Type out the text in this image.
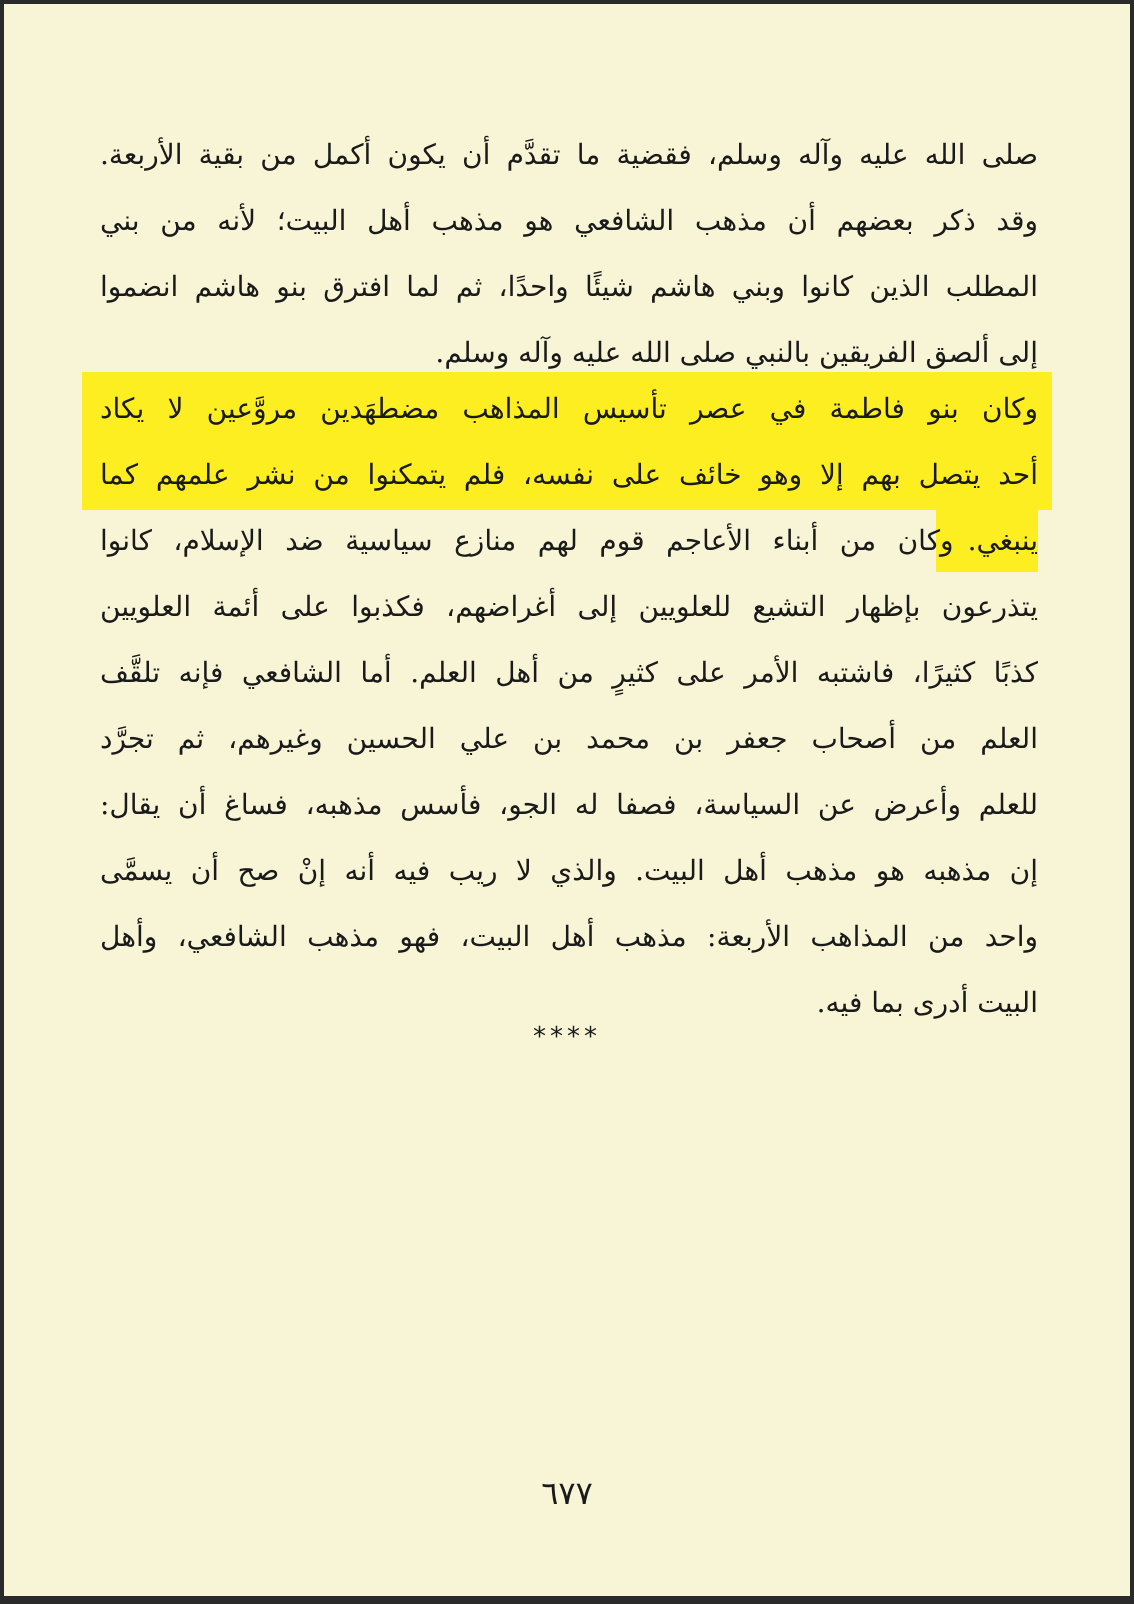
صلى الله عليه وآله وسلم، فقضية ما تقدَّم أن يكون أكمل من بقية الأربعة.
وقد ذكر بعضهم أن مذهب الشافعي هو مذهب أهل البيت؛ لأنه من بني
المطلب الذين كانوا وبني هاشم شيئًا واحدًا، ثم لما افترق بنو هاشم انضموا
إلى ألصق الفريقين بالنبي صلى الله عليه وآله وسلم.
وكان بنو فاطمة في عصر تأسيس المذاهب مضطهَدين مروَّعين لا يكاد
أحد يتصل بهم إلا وهو خائف على نفسه، فلم يتمكنوا من نشر علمهم كما
ينبغي.
وكان من أبناء الأعاجم قوم لهم منازع سياسية ضد الإسلام، كانوا
يتذرعون بإظهار التشيع للعلويين إلى أغراضهم، فكذبوا على أئمة العلويين
كذبًا كثيرًا، فاشتبه الأمر على كثيرٍ من أهل العلم. أما الشافعي فإنه تلقَّف
العلم من أصحاب جعفر بن محمد بن علي الحسين وغيرهم، ثم تجرَّد
للعلم وأعرض عن السياسة، فصفا له الجو، فأسس مذهبه، فساغ أن يقال:
إن مذهبه هو مذهب أهل البيت. والذي لا ريب فيه أنه إنْ صح أن يسمَّى
واحد من المذاهب الأربعة: مذهب أهل البيت، فهو مذهب الشافعي، وأهل
البيت أدرى بما فيه.
****
٦٧٧
